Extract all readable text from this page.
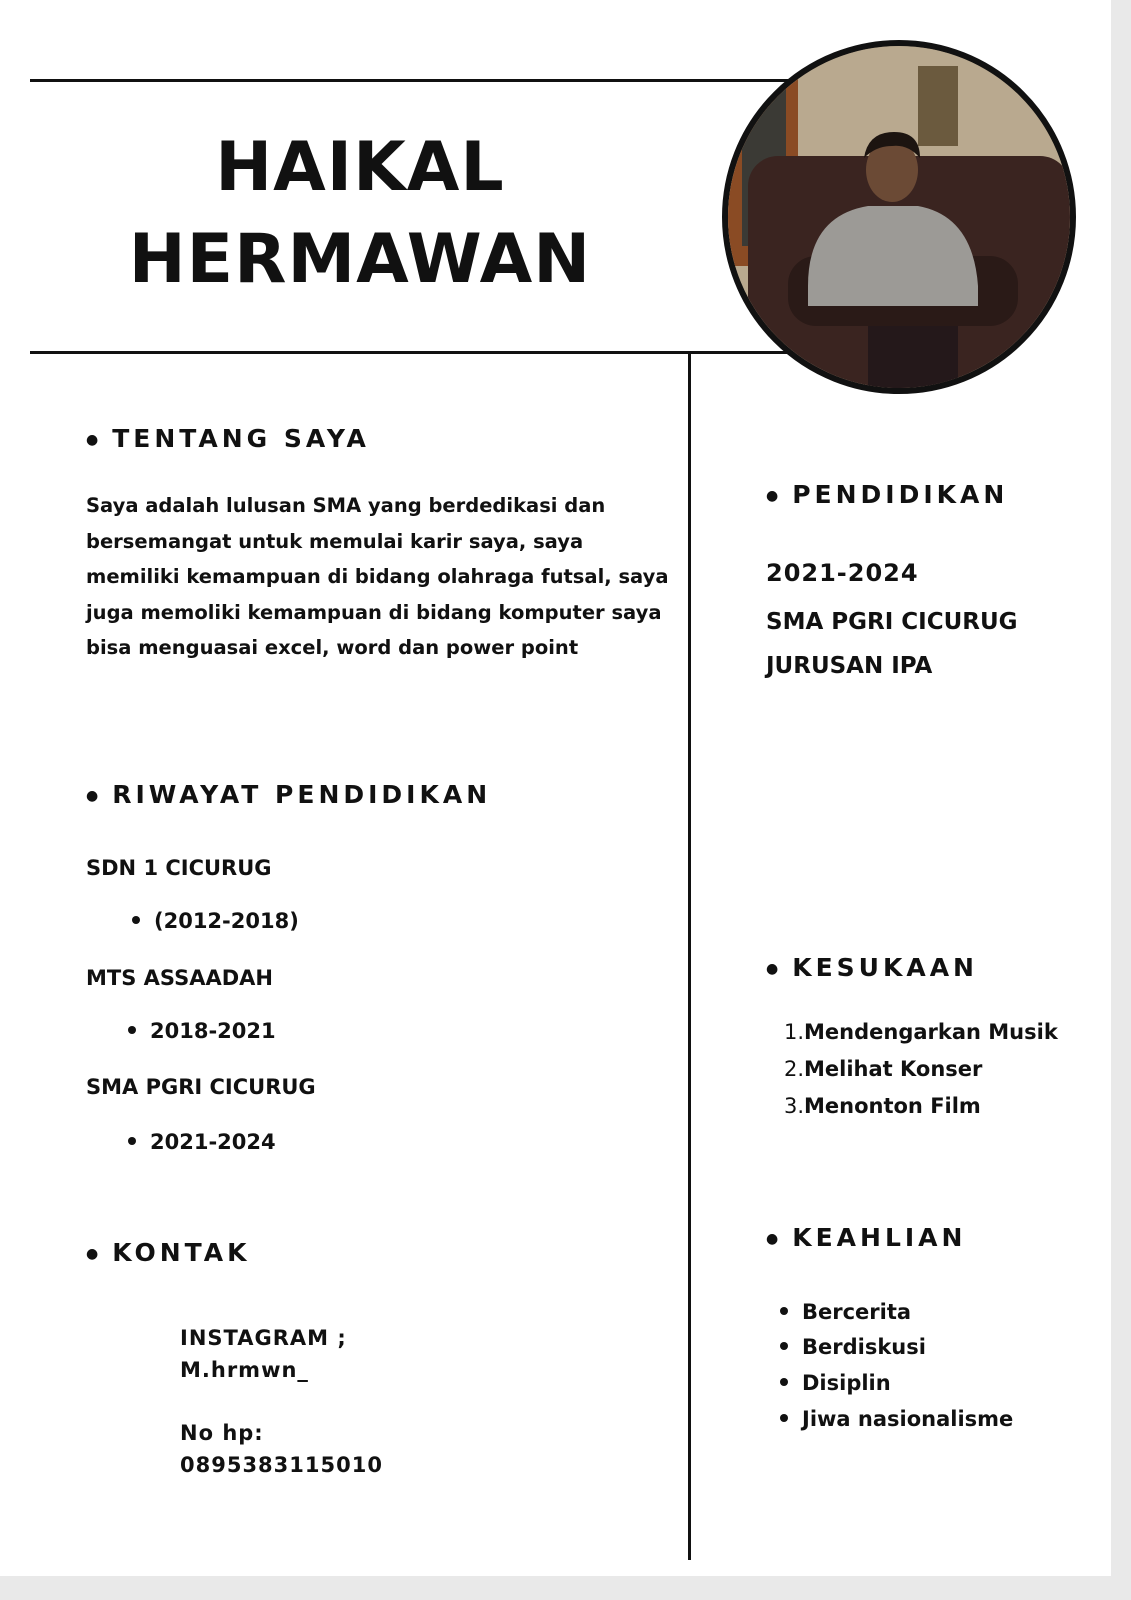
HAIKAL
HERMAWAN
● TENTANG SAYA
Saya adalah lulusan SMA yang berdedikasi dan
bersemangat untuk memulai karir saya, saya
memiliki kemampuan di bidang olahraga futsal, saya
juga memoliki kemampuan di bidang komputer saya
bisa menguasai excel, word dan power point
● RIWAYAT PENDIDIKAN
SDN 1 CICURUG
(2012-2018)
MTS ASSAADAH
2018-2021
SMA PGRI CICURUG
2021-2024
● KONTAK
INSTAGRAM ;
M.hrmwn_
No hp:
0895383115010
● PENDIDIKAN
2021-2024
SMA PGRI CICURUG
JURUSAN IPA
● KESUKAAN
1.Mendengarkan Musik
2.Melihat Konser
3.Menonton Film
● KEAHLIAN
Bercerita
Berdiskusi
Disiplin
Jiwa nasionalisme
